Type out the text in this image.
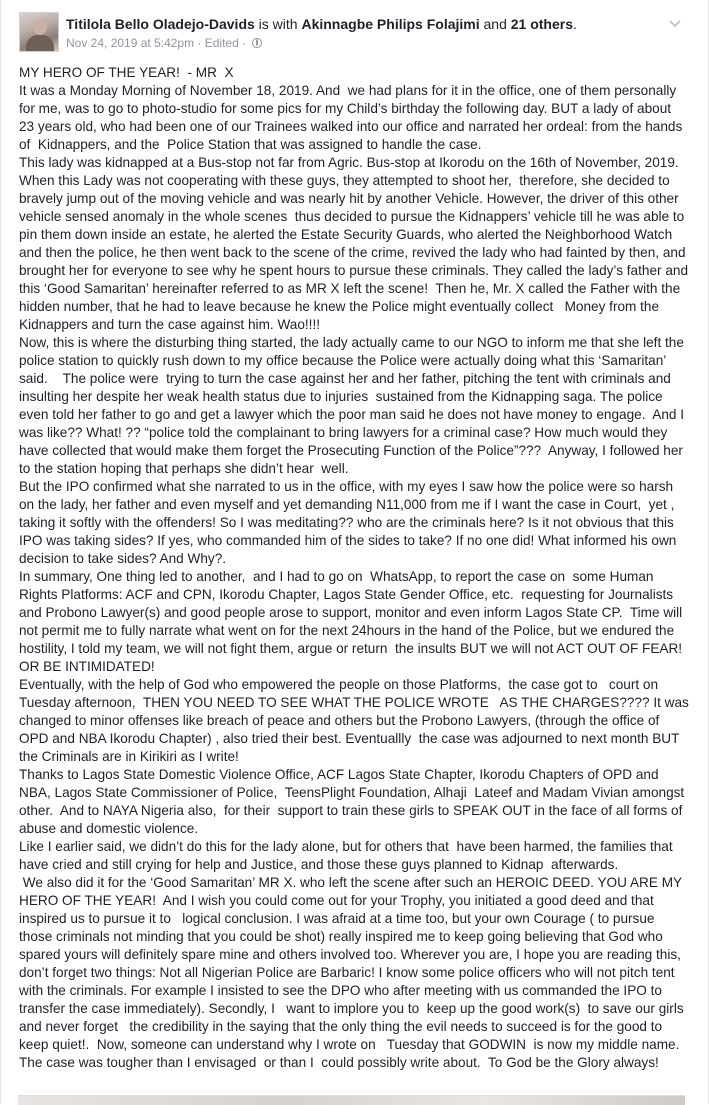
Titilola Bello Oladejo-Davids is with Akinnagbe Philips Folajimi and 21 others.
Nov 24, 2019 at 5:42pm · Edited ·
MY HERO OF THE YEAR!  - MR  X
It was a Monday Morning of November 18, 2019. And  we had plans for it in the office, one of them personally for me, was to go to photo-studio for some pics for my Child’s birthday the following day. BUT a lady of about 23 years old, who had been one of our Trainees walked into our office and narrated her ordeal: from the hands of  Kidnappers, and the  Police Station that was assigned to handle the case.
This lady was kidnapped at a Bus-stop not far from Agric. Bus-stop at Ikorodu on the 16th of November, 2019. When this Lady was not cooperating with these guys, they attempted to shoot her,  therefore, she decided to bravely jump out of the moving vehicle and was nearly hit by another Vehicle. However, the driver of this other vehicle sensed anomaly in the whole scenes  thus decided to pursue the Kidnappers’ vehicle till he was able to pin them down inside an estate, he alerted the Estate Security Guards, who alerted the Neighborhood Watch and then the police, he then went back to the scene of the crime, revived the lady who had fainted by then, and brought her for everyone to see why he spent hours to pursue these criminals. They called the lady’s father and this ‘Good Samaritan’ hereinafter referred to as MR X left the scene!  Then he, Mr. X called the Father with the hidden number, that he had to leave because he knew the Police might eventually collect   Money from the Kidnappers and turn the case against him. Wao!!!!
Now, this is where the disturbing thing started, the lady actually came to our NGO to inform me that she left the police station to quickly rush down to my office because the Police were actually doing what this ‘Samaritan’ said.    The police were  trying to turn the case against her and her father, pitching the tent with criminals and insulting her despite her weak health status due to injuries  sustained from the Kidnapping saga. The police even told her father to go and get a lawyer which the poor man said he does not have money to engage.  And I was like?? What! ?? “police told the complainant to bring lawyers for a criminal case? How much would they have collected that would make them forget the Prosecuting Function of the Police”???  Anyway, I followed her to the station hoping that perhaps she didn’t hear  well.
But the IPO confirmed what she narrated to us in the office, with my eyes I saw how the police were so harsh on the lady, her father and even myself and yet demanding N11,000 from me if I want the case in Court,  yet , taking it softly with the offenders! So I was meditating?? who are the criminals here? Is it not obvious that this IPO was taking sides? If yes, who commanded him of the sides to take? If no one did! What informed his own decision to take sides? And Why?.
In summary, One thing led to another,  and I had to go on  WhatsApp, to report the case on  some Human Rights Platforms: ACF and CPN, Ikorodu Chapter, Lagos State Gender Office, etc.  requesting for Journalists and Probono Lawyer(s) and good people arose to support, monitor and even inform Lagos State CP.  Time will not permit me to fully narrate what went on for the next 24hours in the hand of the Police, but we endured the hostility, I told my team, we will not fight them, argue or return  the insults BUT we will not ACT OUT OF FEAR! OR BE INTIMIDATED!
Eventually, with the help of God who empowered the people on those Platforms,  the case got to   court on Tuesday afternoon,  THEN YOU NEED TO SEE WHAT THE POLICE WROTE   AS THE CHARGES???? It was changed to minor offenses like breach of peace and others but the Probono Lawyers, (through the office of OPD and NBA Ikorodu Chapter) , also tried their best. Eventuallly  the case was adjourned to next month BUT the Criminals are in Kirikiri as I write!
Thanks to Lagos State Domestic Violence Office, ACF Lagos State Chapter, Ikorodu Chapters of OPD and NBA, Lagos State Commissioner of Police,  TeensPlight Foundation, Alhaji  Lateef and Madam Vivian amongst other.  And to NAYA Nigeria also,  for their  support to train these girls to SPEAK OUT in the face of all forms of abuse and domestic violence.
Like I earlier said, we didn’t do this for the lady alone, but for others that  have been harmed, the families that have cried and still crying for help and Justice, and those these guys planned to Kidnap  afterwards.
We also did it for the ‘Good Samaritan’ MR X. who left the scene after such an HEROIC DEED. YOU ARE MY HERO OF THE YEAR!  And I wish you could come out for your Trophy, you initiated a good deed and that inspired us to pursue it to   logical conclusion. I was afraid at a time too, but your own Courage ( to pursue those criminals not minding that you could be shot) really inspired me to keep going believing that God who spared yours will definitely spare mine and others involved too. Wherever you are, I hope you are reading this, don’t forget two things: Not all Nigerian Police are Barbaric! I know some police officers who will not pitch tent with the criminals. For example I insisted to see the DPO who after meeting with us commanded the IPO to transfer the case immediately). Secondly, I   want to implore you to  keep up the good work(s)  to save our girls and never forget   the credibility in the saying that the only thing the evil needs to succeed is for the good to keep quiet!.  Now, someone can understand why I wrote on   Tuesday that GODWIN  is now my middle name.  The case was tougher than I envisaged  or than I  could possibly write about.  To God be the Glory always!
